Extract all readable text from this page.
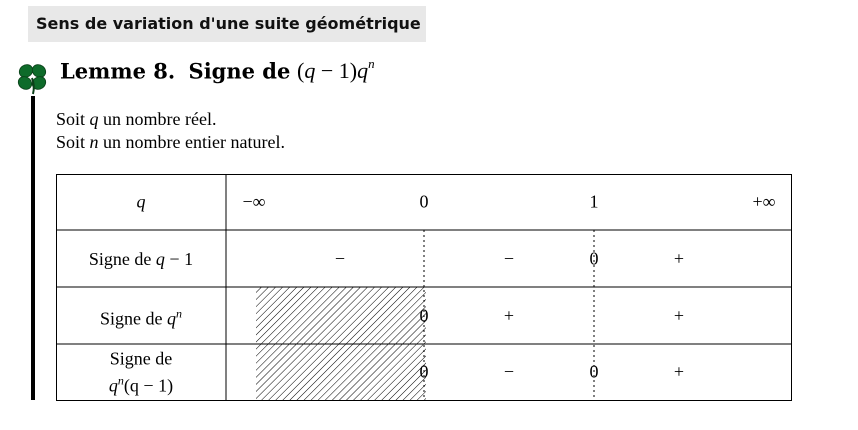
Sens de variation d'une suite géométrique
Lemme 8. Signe de $(q - 1)q^n$
Soit q un nombre réel.
Soit n un nombre entier naturel.
q	−∞	0	1	+∞
Signe de q − 1	−	−	0	+
Signe de $q^n$	0	+	+
Signe de
$q^n(q - 1)$
0	−	0	+
